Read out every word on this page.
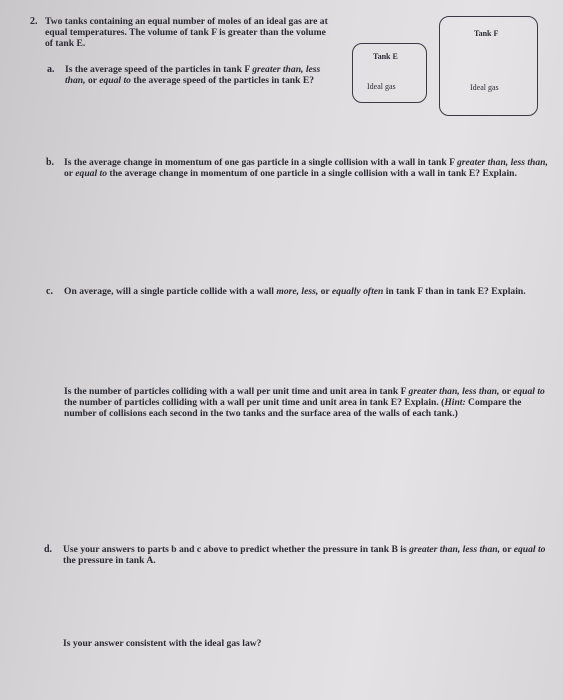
2. Two tanks containing an equal number of moles of an ideal gas are at equal temperatures. The volume of tank F is greater than the volume of tank E.
a. Is the average speed of the particles in tank F greater than, less than, or equal to the average speed of the particles in tank E?
Tank E
Ideal gas
Tank F
Ideal gas
b. Is the average change in momentum of one gas particle in a single collision with a wall in tank F greater than, less than, or equal to the average change in momentum of one particle in a single collision with a wall in tank E? Explain.
c. On average, will a single particle collide with a wall more, less, or equally often in tank F than in tank E? Explain.
Is the number of particles colliding with a wall per unit time and unit area in tank F greater than, less than, or equal to the number of particles colliding with a wall per unit time and unit area in tank E? Explain. (Hint: Compare the number of collisions each second in the two tanks and the surface area of the walls of each tank.)
d. Use your answers to parts b and c above to predict whether the pressure in tank B is greater than, less than, or equal to the pressure in tank A.
Is your answer consistent with the ideal gas law?
